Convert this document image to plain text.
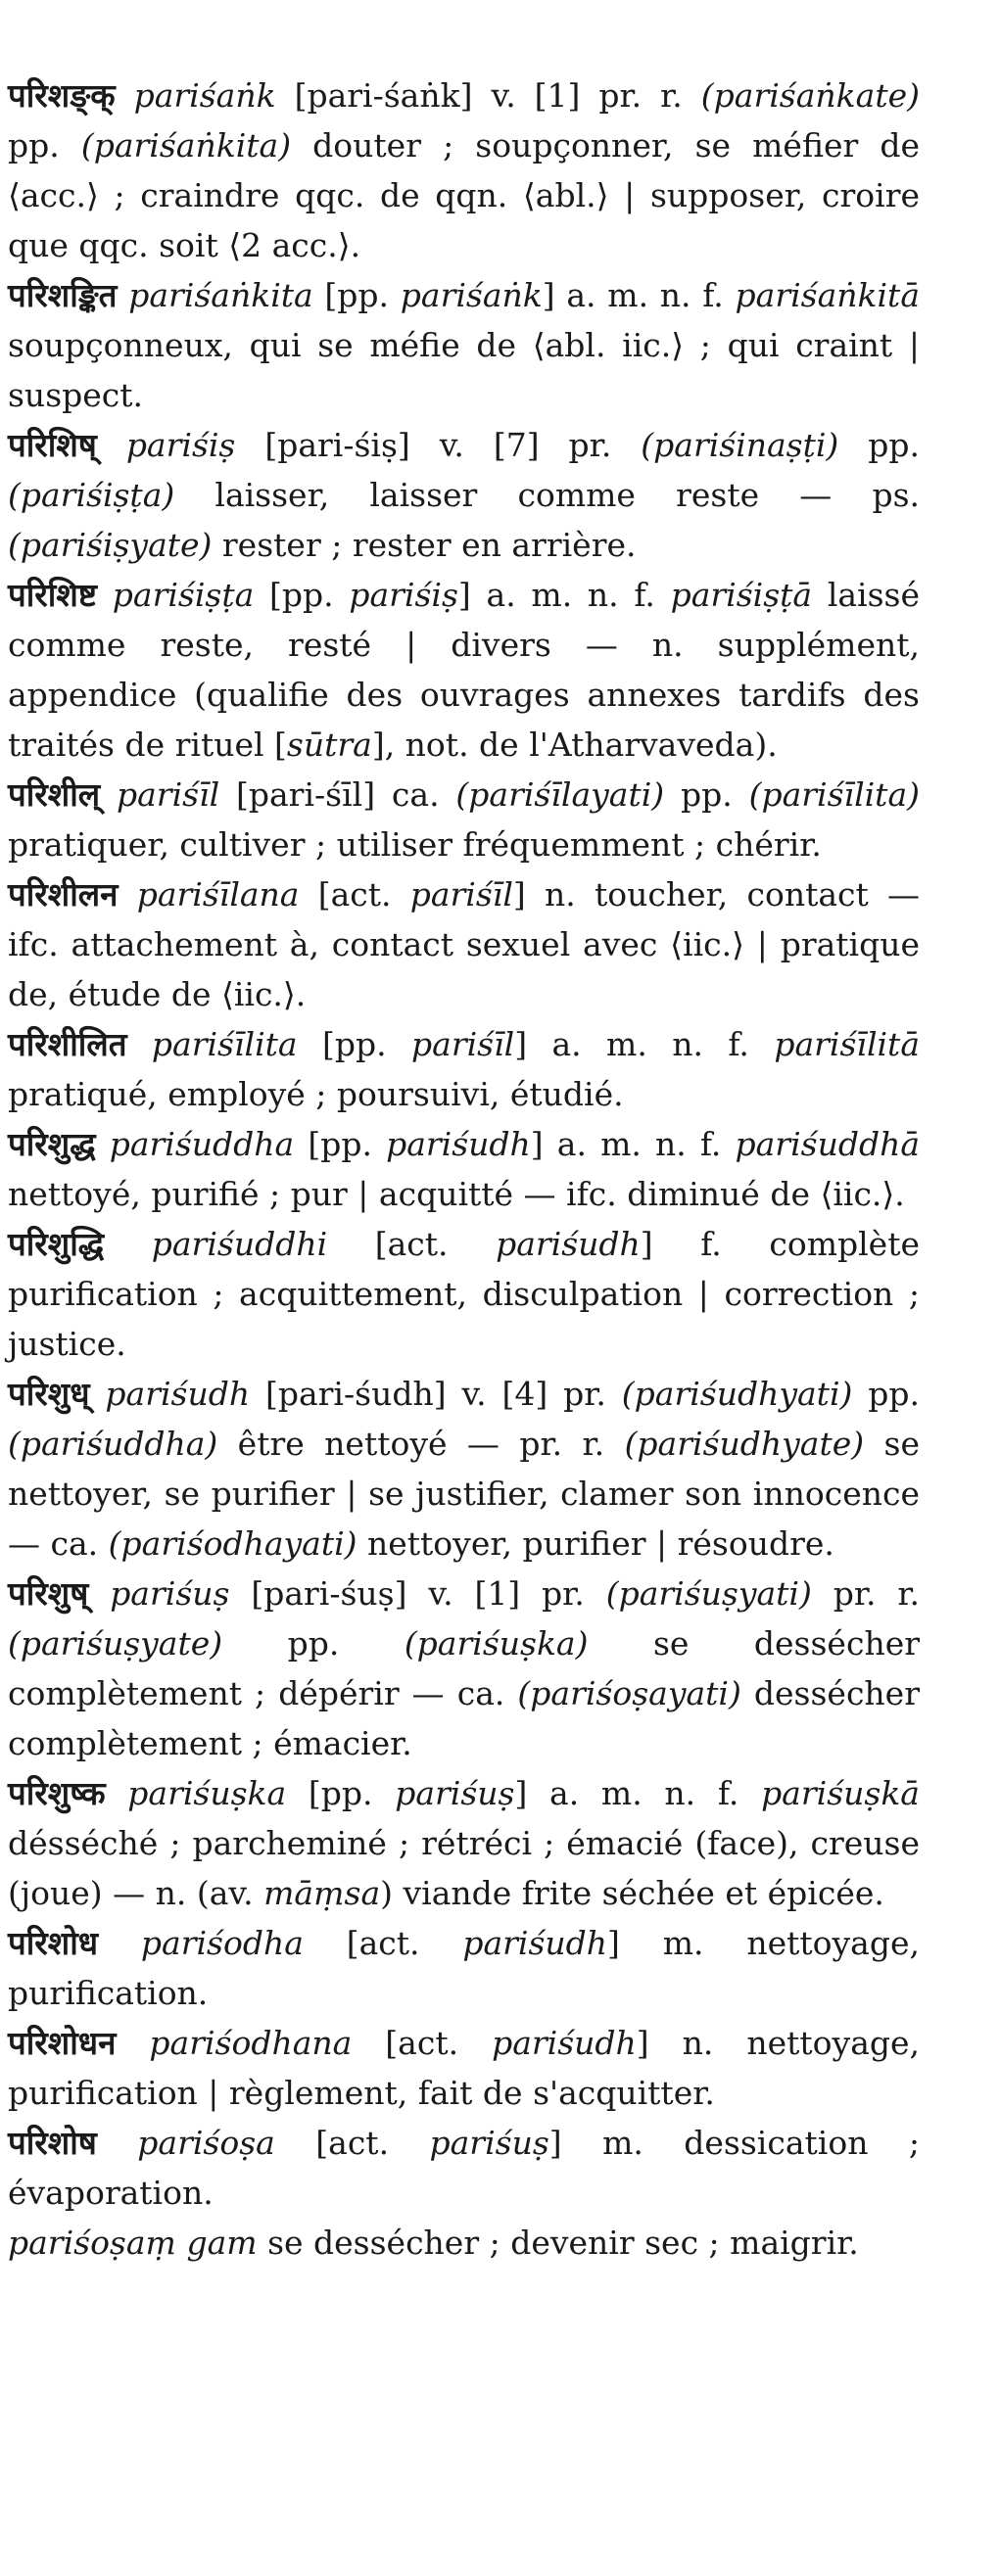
परिशङ्क् pariśaṅk [pari-śaṅk] v. [1] pr. r. (pariśaṅkate) pp. (pariśaṅkita) douter ; soupçonner, se méfier de ⟨acc.⟩ ; craindre qqc. de qqn. ⟨abl.⟩ | supposer, croire que qqc. soit ⟨2 acc.⟩.

परिशङ्कित pariśaṅkita [pp. pariśaṅk] a. m. n. f. pariśaṅkitā soupçonneux, qui se méfie de ⟨abl. iic.⟩ ; qui craint | suspect.

परिशिष् pariśiṣ [pari-śiṣ] v. [7] pr. (pariśinaṣṭi) pp. (pariśiṣṭa) laisser, laisser comme reste — ps. (pariśiṣyate) rester ; rester en arrière.

परिशिष्ट pariśiṣṭa [pp. pariśiṣ] a. m. n. f. pariśiṣṭā laissé comme reste, resté | divers — n. supplément, appendice (qualifie des ouvrages annexes tardifs des traités de rituel [sūtra], not. de l'Atharvaveda).

परिशील् pariśīl [pari-śīl] ca. (pariśīlayati) pp. (pariśīlita) pratiquer, cultiver ; utiliser fréquemment ; chérir.

परिशीलन pariśīlana [act. pariśīl] n. toucher, contact — ifc. attachement à, contact sexuel avec ⟨iic.⟩ | pratique de, étude de ⟨iic.⟩.

परिशीलित pariśīlita [pp. pariśīl] a. m. n. f. pariśīlitā pratiqué, employé ; poursuivi, étudié.

परिशुद्ध pariśuddha [pp. pariśudh] a. m. n. f. pariśuddhā nettoyé, purifié ; pur | acquitté — ifc. diminué de ⟨iic.⟩.

परिशुद्धि pariśuddhi [act. pariśudh] f. complète purification ; acquittement, disculpation | correction ; justice.

परिशुध् pariśudh [pari-śudh] v. [4] pr. (pariśudhyati) pp. (pariśuddha) être nettoyé — pr. r. (pariśudhyate) se nettoyer, se purifier | se justifier, clamer son innocence — ca. (pariśodhayati) nettoyer, purifier | résoudre.

परिशुष् pariśuṣ [pari-śuṣ] v. [1] pr. (pariśuṣyati) pr. r. (pariśuṣyate) pp. (pariśuṣka) se dessécher complètement ; dépérir — ca. (pariśoṣayati) dessécher complètement ; émacier.

परिशुष्क pariśuṣka [pp. pariśuṣ] a. m. n. f. pariśuṣkā désséché ; parcheminé ; rétréci ; émacié (face), creuse (joue) — n. (av. māṃsa) viande frite séchée et épicée.

परिशोध pariśodha [act. pariśudh] m. nettoyage, purification.

परिशोधन pariśodhana [act. pariśudh] n. nettoyage, purification | règlement, fait de s'acquitter.

परिशोष pariśoṣa [act. pariśuṣ] m. dessication ; évaporation.

pariśoṣaṃ gam se dessécher ; devenir sec ; maigrir.
